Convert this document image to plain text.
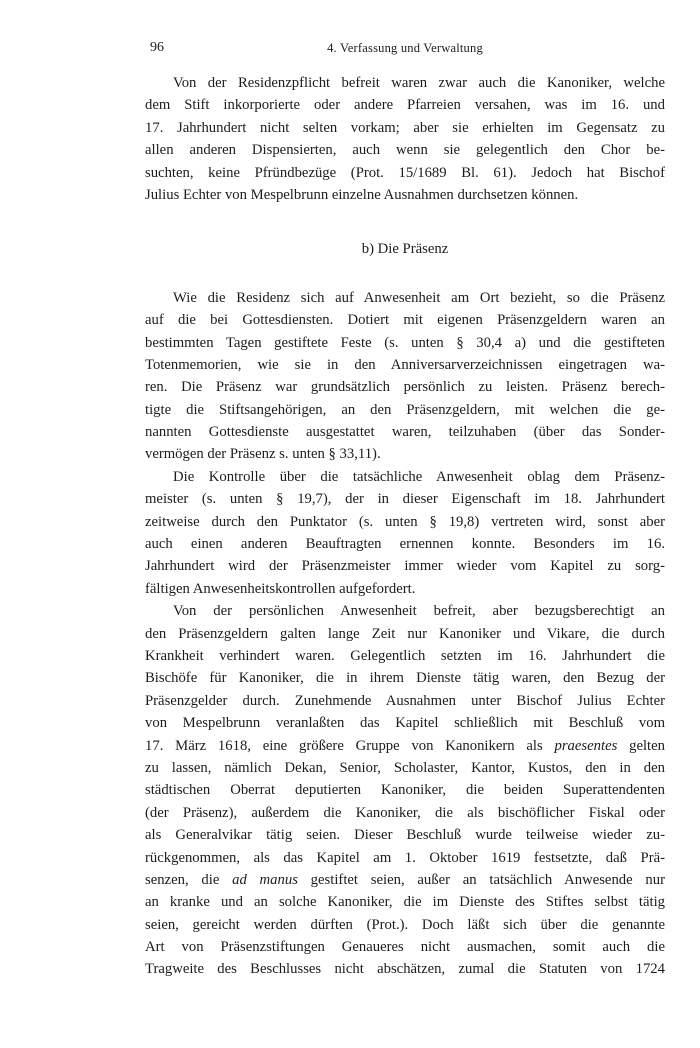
96	4. Verfassung und Verwaltung
Von der Residenzpflicht befreit waren zwar auch die Kanoniker, welche
dem Stift inkorporierte oder andere Pfarreien versahen, was im 16. und
17. Jahrhundert nicht selten vorkam; aber sie erhielten im Gegensatz zu
allen anderen Dispensierten, auch wenn sie gelegentlich den Chor be-
suchten, keine Pfründbezüge (Prot. 15/1689 Bl. 61). Jedoch hat Bischof
Julius Echter von Mespelbrunn einzelne Ausnahmen durchsetzen können.
b) Die Präsenz
Wie die Residenz sich auf Anwesenheit am Ort bezieht, so die Präsenz
auf die bei Gottesdiensten. Dotiert mit eigenen Präsenzgeldern waren an
bestimmten Tagen gestiftete Feste (s. unten § 30,4 a) und die gestifteten
Totenmemorien, wie sie in den Anniversarverzeichnissen eingetragen wa-
ren. Die Präsenz war grundsätzlich persönlich zu leisten. Präsenz berech-
tigte die Stiftsangehörigen, an den Präsenzgeldern, mit welchen die ge-
nannten Gottesdienste ausgestattet waren, teilzuhaben (über das Sonder-
vermögen der Präsenz s. unten § 33,11).
Die Kontrolle über die tatsächliche Anwesenheit oblag dem Präsenz-
meister (s. unten § 19,7), der in dieser Eigenschaft im 18. Jahrhundert
zeitweise durch den Punktator (s. unten § 19,8) vertreten wird, sonst aber
auch einen anderen Beauftragten ernennen konnte. Besonders im 16.
Jahrhundert wird der Präsenzmeister immer wieder vom Kapitel zu sorg-
fältigen Anwesenheitskontrollen aufgefordert.
Von der persönlichen Anwesenheit befreit, aber bezugsberechtigt an
den Präsenzgeldern galten lange Zeit nur Kanoniker und Vikare, die durch
Krankheit verhindert waren. Gelegentlich setzten im 16. Jahrhundert die
Bischöfe für Kanoniker, die in ihrem Dienste tätig waren, den Bezug der
Präsenzgelder durch. Zunehmende Ausnahmen unter Bischof Julius Echter
von Mespelbrunn veranlaßten das Kapitel schließlich mit Beschluß vom
17. März 1618, eine größere Gruppe von Kanonikern als praesentes gelten
zu lassen, nämlich Dekan, Senior, Scholaster, Kantor, Kustos, den in den
städtischen Oberrat deputierten Kanoniker, die beiden Superattendenten
(der Präsenz), außerdem die Kanoniker, die als bischöflicher Fiskal oder
als Generalvikar tätig seien. Dieser Beschluß wurde teilweise wieder zu-
rückgenommen, als das Kapitel am 1. Oktober 1619 festsetzte, daß Prä-
senzen, die ad manus gestiftet seien, außer an tatsächlich Anwesende nur
an kranke und an solche Kanoniker, die im Dienste des Stiftes selbst tätig
seien, gereicht werden dürften (Prot.). Doch läßt sich über die genannte
Art von Präsenzstiftungen Genaueres nicht ausmachen, somit auch die
Tragweite des Beschlusses nicht abschätzen, zumal die Statuten von 1724
